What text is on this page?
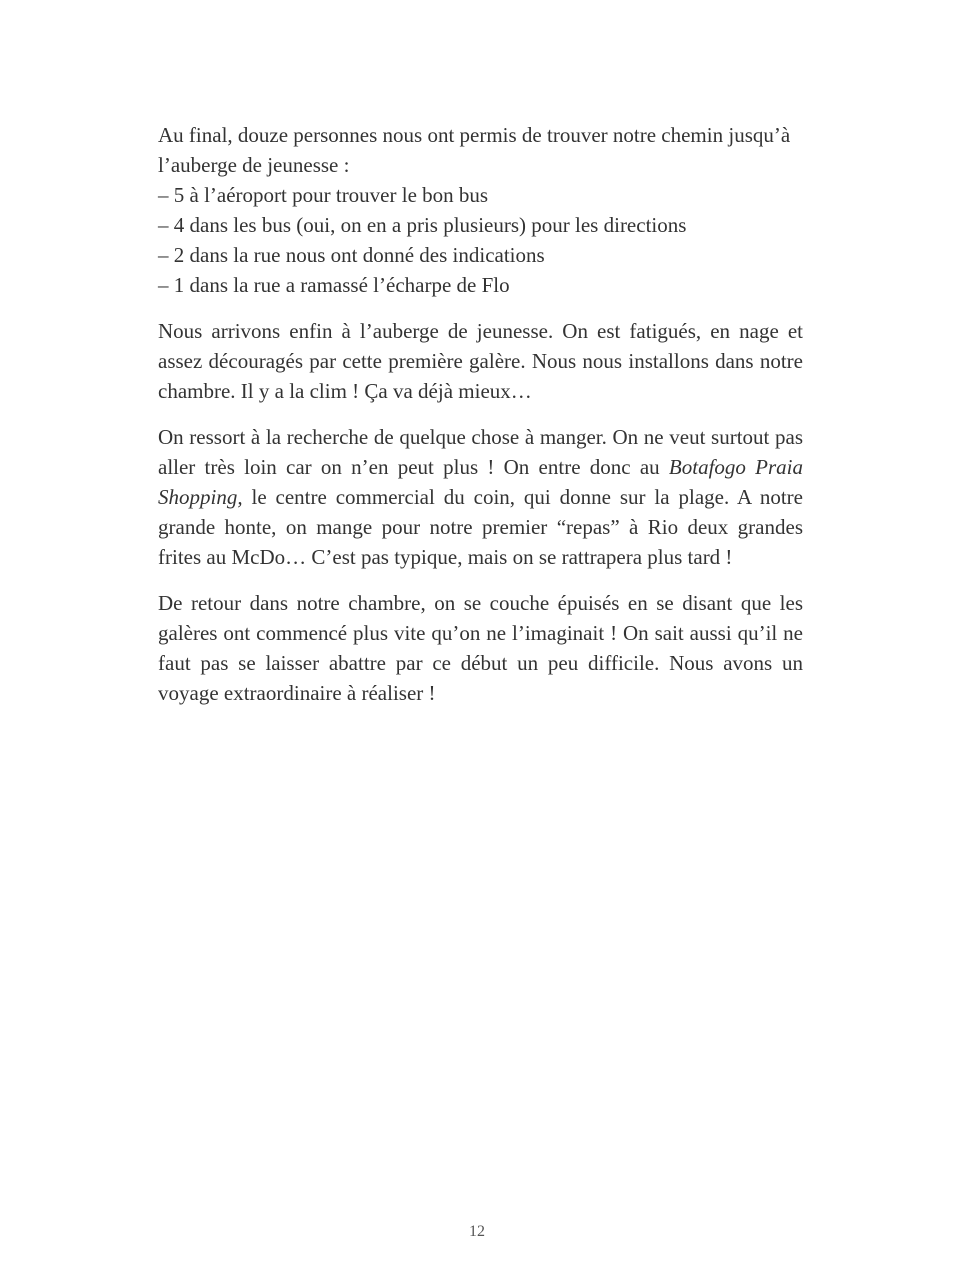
Au final, douze personnes nous ont permis de trouver notre chemin jusqu’à l’auberge de jeunesse :

– 5 à l’aéroport pour trouver le bon bus

– 4 dans les bus (oui, on en a pris plusieurs) pour les directions

– 2 dans la rue nous ont donné des indications

– 1 dans la rue a ramassé l’écharpe de Flo

Nous arrivons enfin à l’auberge de jeunesse. On est fatigués, en nage et assez découragés par cette première galère. Nous nous installons dans notre chambre. Il y a la clim ! Ça va déjà mieux…

On ressort à la recherche de quelque chose à manger. On ne veut surtout pas aller très loin car on n’en peut plus ! On entre donc au Botafogo Praia Shopping, le centre commercial du coin, qui donne sur la plage. A notre grande honte, on mange pour notre premier “repas” à Rio deux grandes frites au McDo… C’est pas typique, mais on se rattrapera plus tard !

De retour dans notre chambre, on se couche épuisés en se disant que les galères ont commencé plus vite qu’on ne l’imaginait ! On sait aussi qu’il ne faut pas se laisser abattre par ce début un peu difficile. Nous avons un voyage extraordinaire à réaliser !

12
